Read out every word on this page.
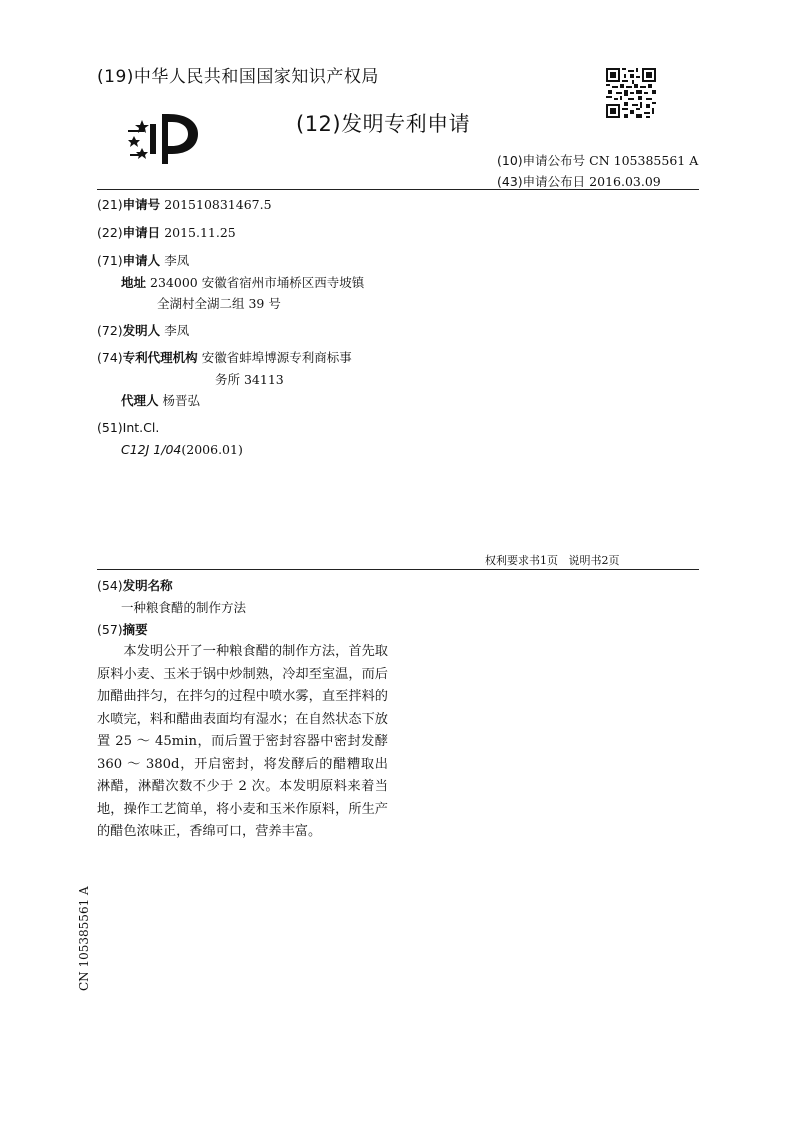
(19)中华人民共和国国家知识产权局
(12)发明专利申请
(10)申请公布号 CN 105385561 A
(43)申请公布日 2016.03.09
(21)申请号 201510831467.5
(22)申请日 2015.11.25
(71)申请人 李凤
地址 234000 安徽省宿州市埇桥区西寺坡镇
全湖村全湖二组 39 号
(72)发明人 李凤
(74)专利代理机构 安徽省蚌埠博源专利商标事
务所 34113
代理人 杨晋弘
(51)Int.Cl.
C12J 1/04(2006.01)
权利要求书1页 说明书2页
(54)发明名称
一种粮食醋的制作方法
(57)摘要
本发明公开了一种粮食醋的制作方法，首先取原料小麦、玉米于锅中炒制熟，冷却至室温，而后加醋曲拌匀，在拌匀的过程中喷水雾，直至拌料的水喷完，料和醋曲表面均有湿水；在自然状态下放置 25 ～ 45min，而后置于密封容器中密封发酵 360 ～ 380d，开启密封，将发酵后的醋糟取出淋醋，淋醋次数不少于 2 次。本发明原料来着当地，操作工艺简单，将小麦和玉米作原料，所生产的醋色浓味正，香绵可口，营养丰富。
CN 105385561 A
